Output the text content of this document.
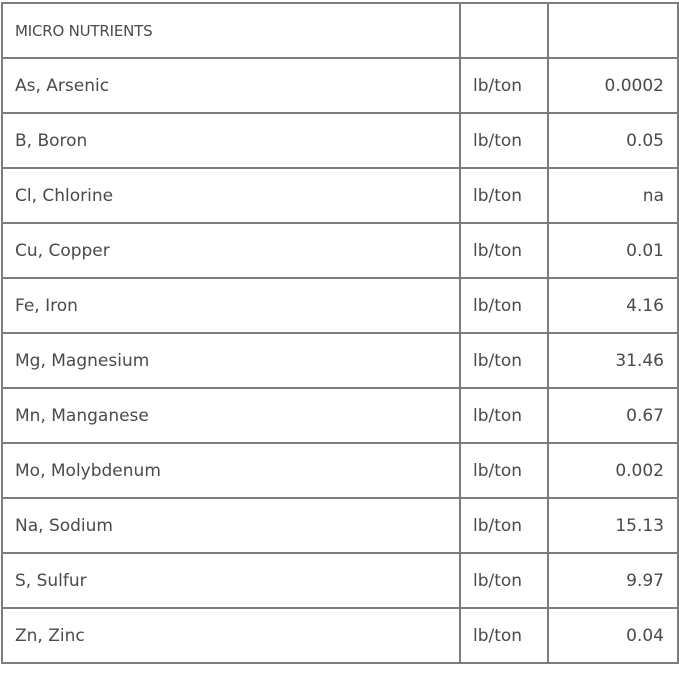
MICRO NUTRIENTS		
As, Arsenic	lb/ton	0.0002
B, Boron	lb/ton	0.05
Cl, Chlorine	lb/ton	na
Cu, Copper	lb/ton	0.01
Fe, Iron	lb/ton	4.16
Mg, Magnesium	lb/ton	31.46
Mn, Manganese	lb/ton	0.67
Mo, Molybdenum	lb/ton	0.002
Na, Sodium	lb/ton	15.13
S, Sulfur	lb/ton	9.97
Zn, Zinc	lb/ton	0.04
